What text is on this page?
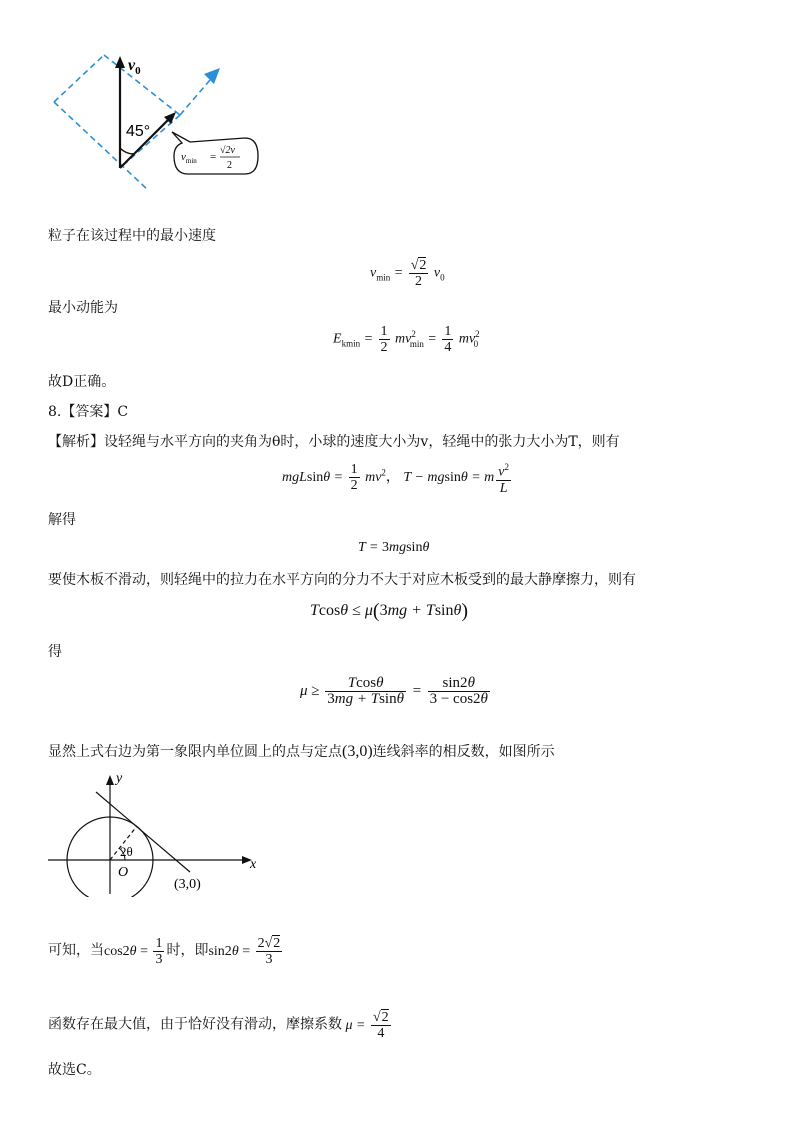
$v_0$
45°
$v_{min}$ =
√2v
2
粒子在该过程中的最小速度
$v_{min} = \frac{√2}{2} v_0$
最小动能为
$E_{kmin} = \frac{1}{2} mv^2_{min} = \frac{1}{4} mv^2_0$
故D正确。
8.【答案】C
【解析】设轻绳与水平方向的夹角为θ时，小球的速度大小为v，轻绳中的张力大小为T，则有
$mgLsin\theta = \frac{1}{2} mv^2$， T − mgsinθ = m $\frac{v^2}{L}$
解得
T = 3mgsinθ
要使木板不滑动，则轻绳中的拉力在水平方向的分力不大于对应木板受到的最大静摩擦力，则有
Tcosθ ≤ μ(3mg + Tsinθ)
得
$\mu \ge \frac{Tcos\theta}{3mg + Tsin\theta} = \frac{\sin 2\theta}{3 - \cos 2\theta}$
显然上式右边为第一象限内单位圆上的点与定点(3,0)连线斜率的相反数，如图所示
y
x
O
2θ
(3,0)
可知，当$\cos 2\theta = \frac{1}{3}$ 时，即$\sin 2\theta = \frac{2√2}{3}$
函数存在最大值，由于恰好没有滑动，摩擦系数 $\mu = \frac{√2}{4}$
故选C。
